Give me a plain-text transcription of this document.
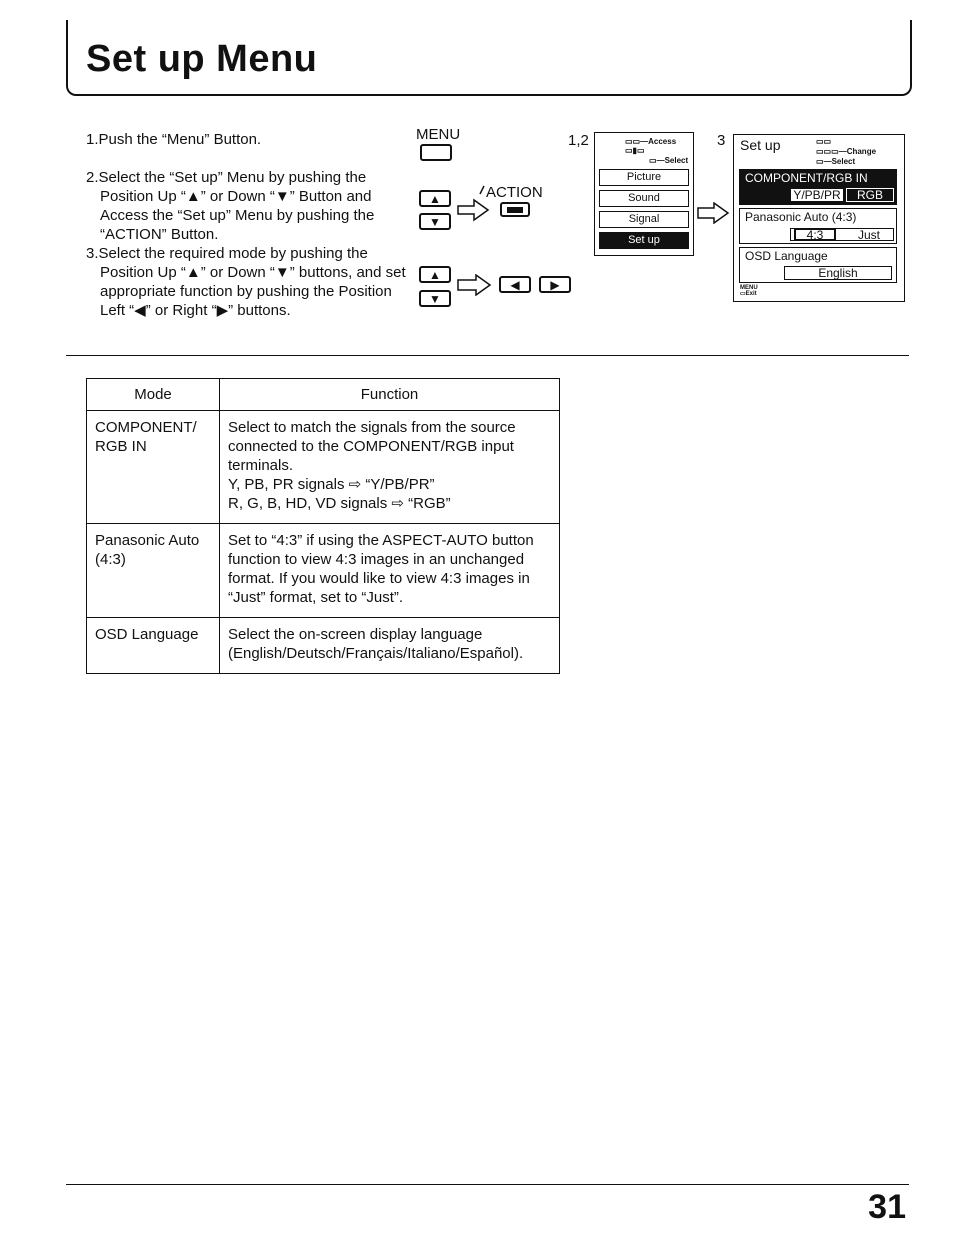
Set up Menu

1.Push the “Menu” Button.

2.Select the “Set up” Menu by pushing the Position Up “▲” or Down “▼” Button and Access the “Set up” Menu by pushing the “ACTION” Button.

3.Select the required mode by pushing the Position Up “▲” or Down “▼” buttons, and set appropriate function by pushing the Position Left “◀” or Right “▶” buttons.

MENU
▲
▼
ACTION
▲
▼
◀	▶
1,2	▭▭—Access
▭▮▭
▭—Select
Picture
Sound
Signal
Set up
3 Set up	▭▭
▭▭▭—Change
▭—Select
COMPONENT/RGB IN
Y/PB/PR	RGB
Panasonic Auto (4:3)
4:3	Just
OSD Language
English
MENU
▭Exit
Mode	Function
COMPONENT/ RGB IN	Select to match the signals from the source connected to the COMPONENT/RGB input terminals.
Y, PB, PR signals ⇨ “Y/PB/PR”
R, G, B, HD, VD signals ⇨ “RGB”

Panasonic Auto (4:3)	Set to “4:3” if using the ASPECT-AUTO button function to view 4:3 images in an unchanged format. If you would like to view 4:3 images in “Just” format, set to “Just”.

OSD Language	Select the on-screen display language (English/Deutsch/Français/Italiano/Español).
31
